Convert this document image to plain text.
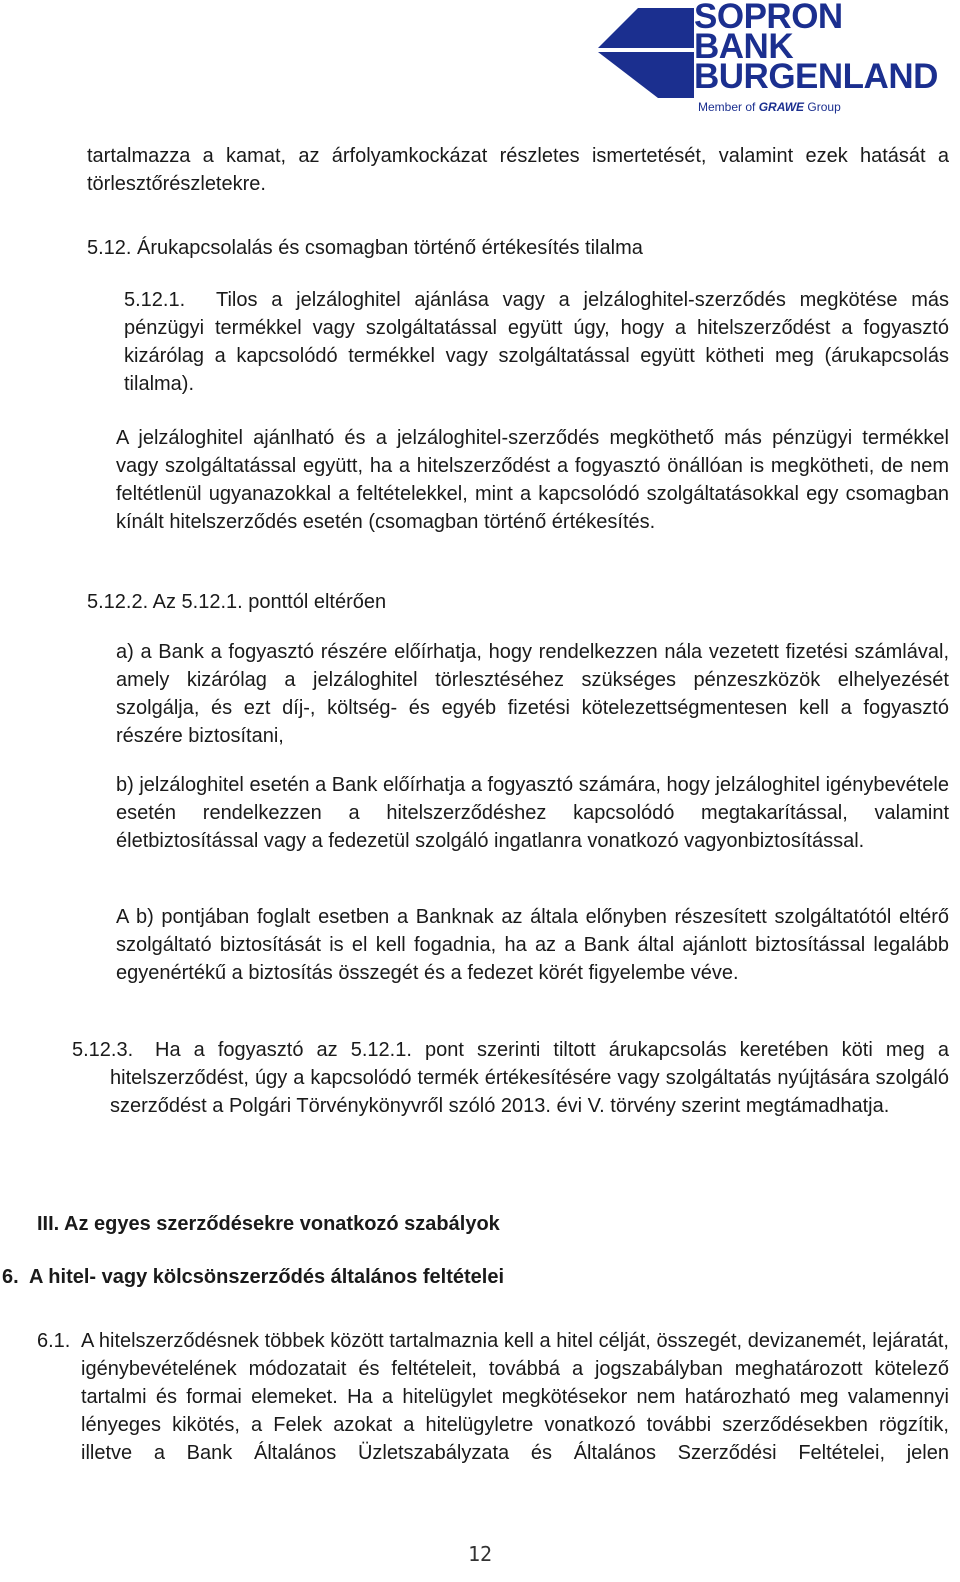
SOPRON
BANK
BURGENLAND
Member of GRAWE Group

tartalmazza a kamat, az árfolyamkockázat részletes ismertetését, valamint ezek hatását a törlesztőrészletekre.

5.12. Árukapcsolalás és csomagban történő értékesítés tilalma

5.12.1.	Tilos a jelzáloghitel ajánlása vagy a jelzáloghitel-szerződés megkötése más pénzügyi termékkel vagy szolgáltatással együtt úgy, hogy a hitelszerződést a fogyasztó kizárólag a kapcsolódó termékkel vagy szolgáltatással együtt kötheti meg (árukapcsolás tilalma).

A jelzáloghitel ajánlható és a jelzáloghitel-szerződés megköthető más pénzügyi termékkel vagy szolgáltatással együtt, ha a hitelszerződést a fogyasztó önállóan is megkötheti, de nem feltétlenül ugyanazokkal a feltételekkel, mint a kapcsolódó szolgáltatásokkal egy csomagban kínált hitelszerződés esetén (csomagban történő értékesítés.

5.12.2. Az 5.12.1. ponttól eltérően

a) a Bank a fogyasztó részére előírhatja, hogy rendelkezzen nála vezetett fizetési számlával, amely kizárólag a jelzáloghitel törlesztéséhez szükséges pénzeszközök elhelyezését szolgálja, és ezt díj-, költség- és egyéb fizetési kötelezettségmentesen kell a fogyasztó részére biztosítani,

b) jelzáloghitel esetén a Bank előírhatja a fogyasztó számára, hogy jelzáloghitel igénybevétele esetén rendelkezzen a hitelszerződéshez kapcsolódó megtakarítással, valamint életbiztosítással vagy a fedezetül szolgáló ingatlanra vonatkozó vagyonbiztosítással.

A b) pontjában foglalt esetben a Banknak az általa előnyben részesített szolgáltatótól eltérő szolgáltató biztosítását is el kell fogadnia, ha az a Bank által ajánlott biztosítással legalább egyenértékű a biztosítás összegét és a fedezet körét figyelembe véve.

5.12.3.	Ha a fogyasztó az 5.12.1. pont szerinti tiltott árukapcsolás keretében köti meg a hitelszerződést, úgy a kapcsolódó termék értékesítésére vagy szolgáltatás nyújtására szolgáló szerződést a Polgári Törvénykönyvről szóló 2013. évi V. törvény szerint megtámadhatja.

III. Az egyes szerződésekre vonatkozó szabályok

6.  A hitel- vagy kölcsönszerződés általános feltételei

6.1. A hitelszerződésnek többek között tartalmaznia kell a hitel célját, összegét, devizanemét, lejáratát, igénybevételének módozatait és feltételeit, továbbá a jogszabályban meghatározott kötelező tartalmi és formai elemeket. Ha a hitelügylet megkötésekor nem határozható meg valamennyi lényeges kikötés, a Felek azokat a hitelügyletre vonatkozó további szerződésekben rögzítik, illetve a Bank Általános Üzletszabályzata és Általános Szerződési Feltételei, jelen

12
